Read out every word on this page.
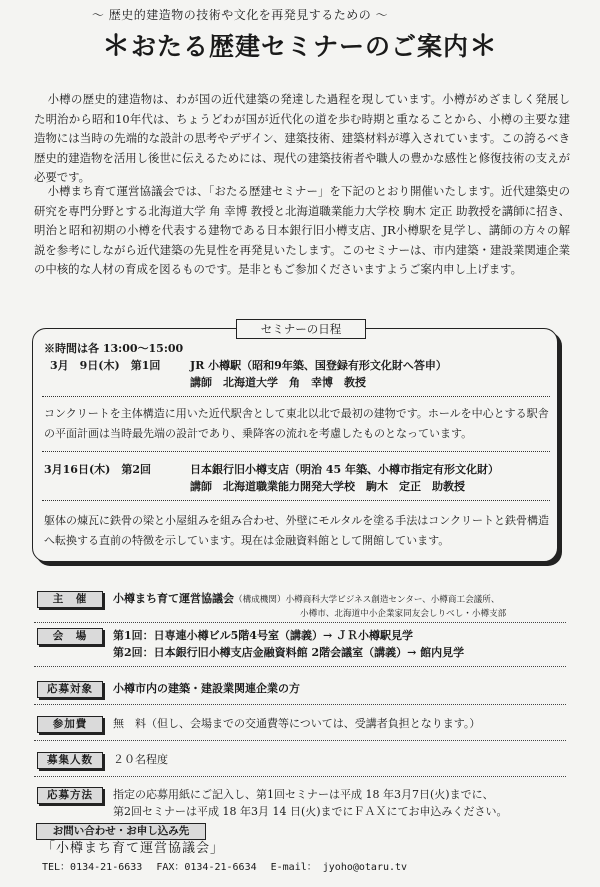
～ 歴史的建造物の技術や文化を再発見するための ～
＊おたる歴建セミナーのご案内＊

小樽の歴史的建造物は、わが国の近代建築の発達した過程を現しています。小樽がめざましく発展した明治から昭和10年代は、ちょうどわが国が近代化の道を歩む時期と重なることから、小樽の主要な建造物には当時の先端的な設計の思考やデザイン、建築技術、建築材料が導入されています。この誇るべき歴史的建造物を活用し後世に伝えるためには、現代の建築技術者や職人の豊かな感性と修復技術の支えが必要です。

小樽まち育て運営協議会では、「おたる歴建セミナー」を下記のとおり開催いたします。近代建築史の研究を専門分野とする北海道大学 角 幸博 教授と北海道職業能力大学校 駒木 定正 助教授を講師に招き、明治と昭和初期の小樽を代表する建物である日本銀行旧小樽支店、JR小樽駅を見学し、講師の方々の解説を参考にしながら近代建築の先見性を再発見いたします。このセミナーは、市内建築・建設業関連企業の中核的な人材の育成を図るものです。是非ともご参加くださいますようご案内申し上げます。

セミナーの日程
※時間は各 13:00～15:00
3月　9日(木)　第1回	JR 小樽駅（昭和9年築、国登録有形文化財へ答申）
講師　北海道大学　角　幸博　教授
コンクリートを主体構造に用いた近代駅舎として東北以北で最初の建物です。ホールを中心とする駅舎の平面計画は当時最先端の設計であり、乗降客の流れを考慮したものとなっています。
3月16日(木)　第2回	日本銀行旧小樽支店（明治 45 年築、小樽市指定有形文化財）
講師　北海道職業能力開発大学校　駒木　定正　助教授
躯体の煉瓦に鉄骨の梁と小屋組みを組み合わせ、外壁にモルタルを塗る手法はコンクリートと鉄骨構造へ転換する直前の特徴を示しています。現在は金融資料館として開館しています。
主　催	小樽まち育て運営協議会（構成機関）小樽商科大学ビジネス創造センター、小樽商工会議所、
小樽市、北海道中小企業家同友会しりべし・小樽支部
会　場	第1回：日専連小樽ビル5階4号室（講義）→ ＪＲ小樽駅見学
第2回：日本銀行旧小樽支店金融資料館 2階会議室（講義）→ 館内見学
応募対象	小樽市内の建築・建設業関連企業の方
参加費	無　料（但し、会場までの交通費等については、受講者負担となります。）
募集人数	２０名程度
応募方法	指定の応募用紙にご記入し、第1回セミナーは平成 18 年3月7日(火)までに、
第2回セミナーは平成 18 年3月 14 日(火)までにＦＡＸにてお申込みください。
お問い合わせ・お申し込み先
「小樽まち育て運営協議会」
TEL：0134-21-6633 FAX：0134-21-6634 E-mail： jyoho@otaru.tv
